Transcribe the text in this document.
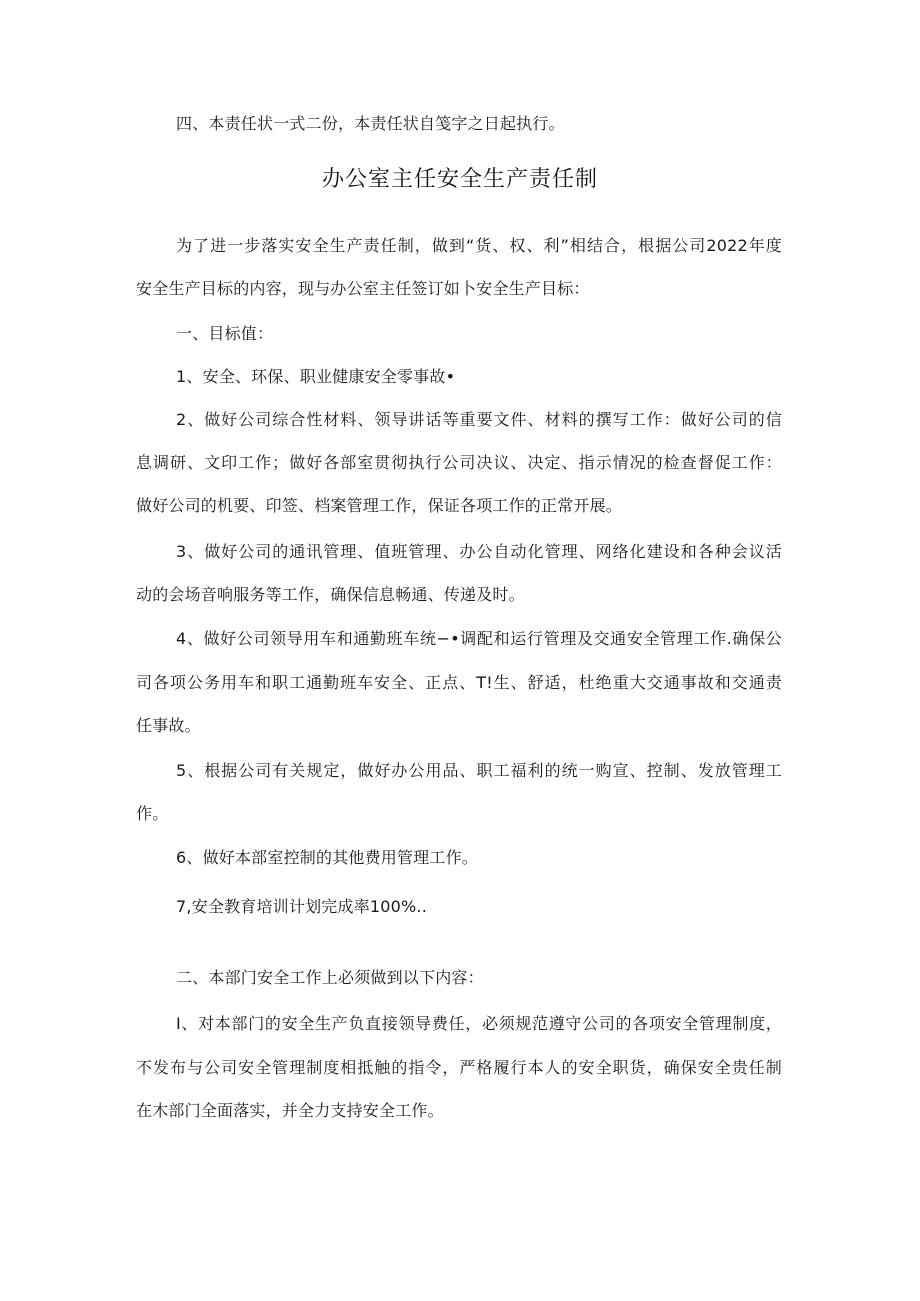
四、本责任状一式二份，本责任状自笺字之日起执行。
办公室主任安全生产责任制
为了进一步落实安全生产责任制，做到“货、权、利”相结合，根据公司2022年度
安全生产目标的内容，现与办公室主任签订如卜安全生产目标：
一、目标值：
1、安全、环保、职业健康安全零事故•
2、做好公司综合性材料、领导讲话等重要文件、材料的撰写工作：做好公司的信
息调研、文印工作；做好各部室贯彻执行公司决议、决定、指示情况的检查督促工作：
做好公司的机要、印签、档案管理工作，保证各项工作的正常开展。
3、做好公司的通讯管理、值班管理、办公自动化管理、网络化建设和各种会议活
动的会场音响服务等工作，确保信息畅通、传递及时。
4、做好公司领导用车和通勤班车统−•调配和运行管理及交通安全管理工作.确保公
司各项公务用车和职工通勤班车安全、正点、T!生、舒适，杜绝重大交通事故和交通责
任事故。
5、根据公司有关规定，做好办公用品、职工福利的统一购宣、控制、发放管理工
作。
6、做好本部室控制的其他费用管理工作。
7,安全教育培训计划完成率100%..
二、本部门安全工作上必须做到以下内容：
I、对本部门的安全生产负直接领导费任，必须规范遵守公司的各项安全管理制度，
不发布与公司安全管理制度相抵触的指令，严格履行本人的安全职货，确保安全贵任制
在木部门全面落实，并全力支持安全工作。
